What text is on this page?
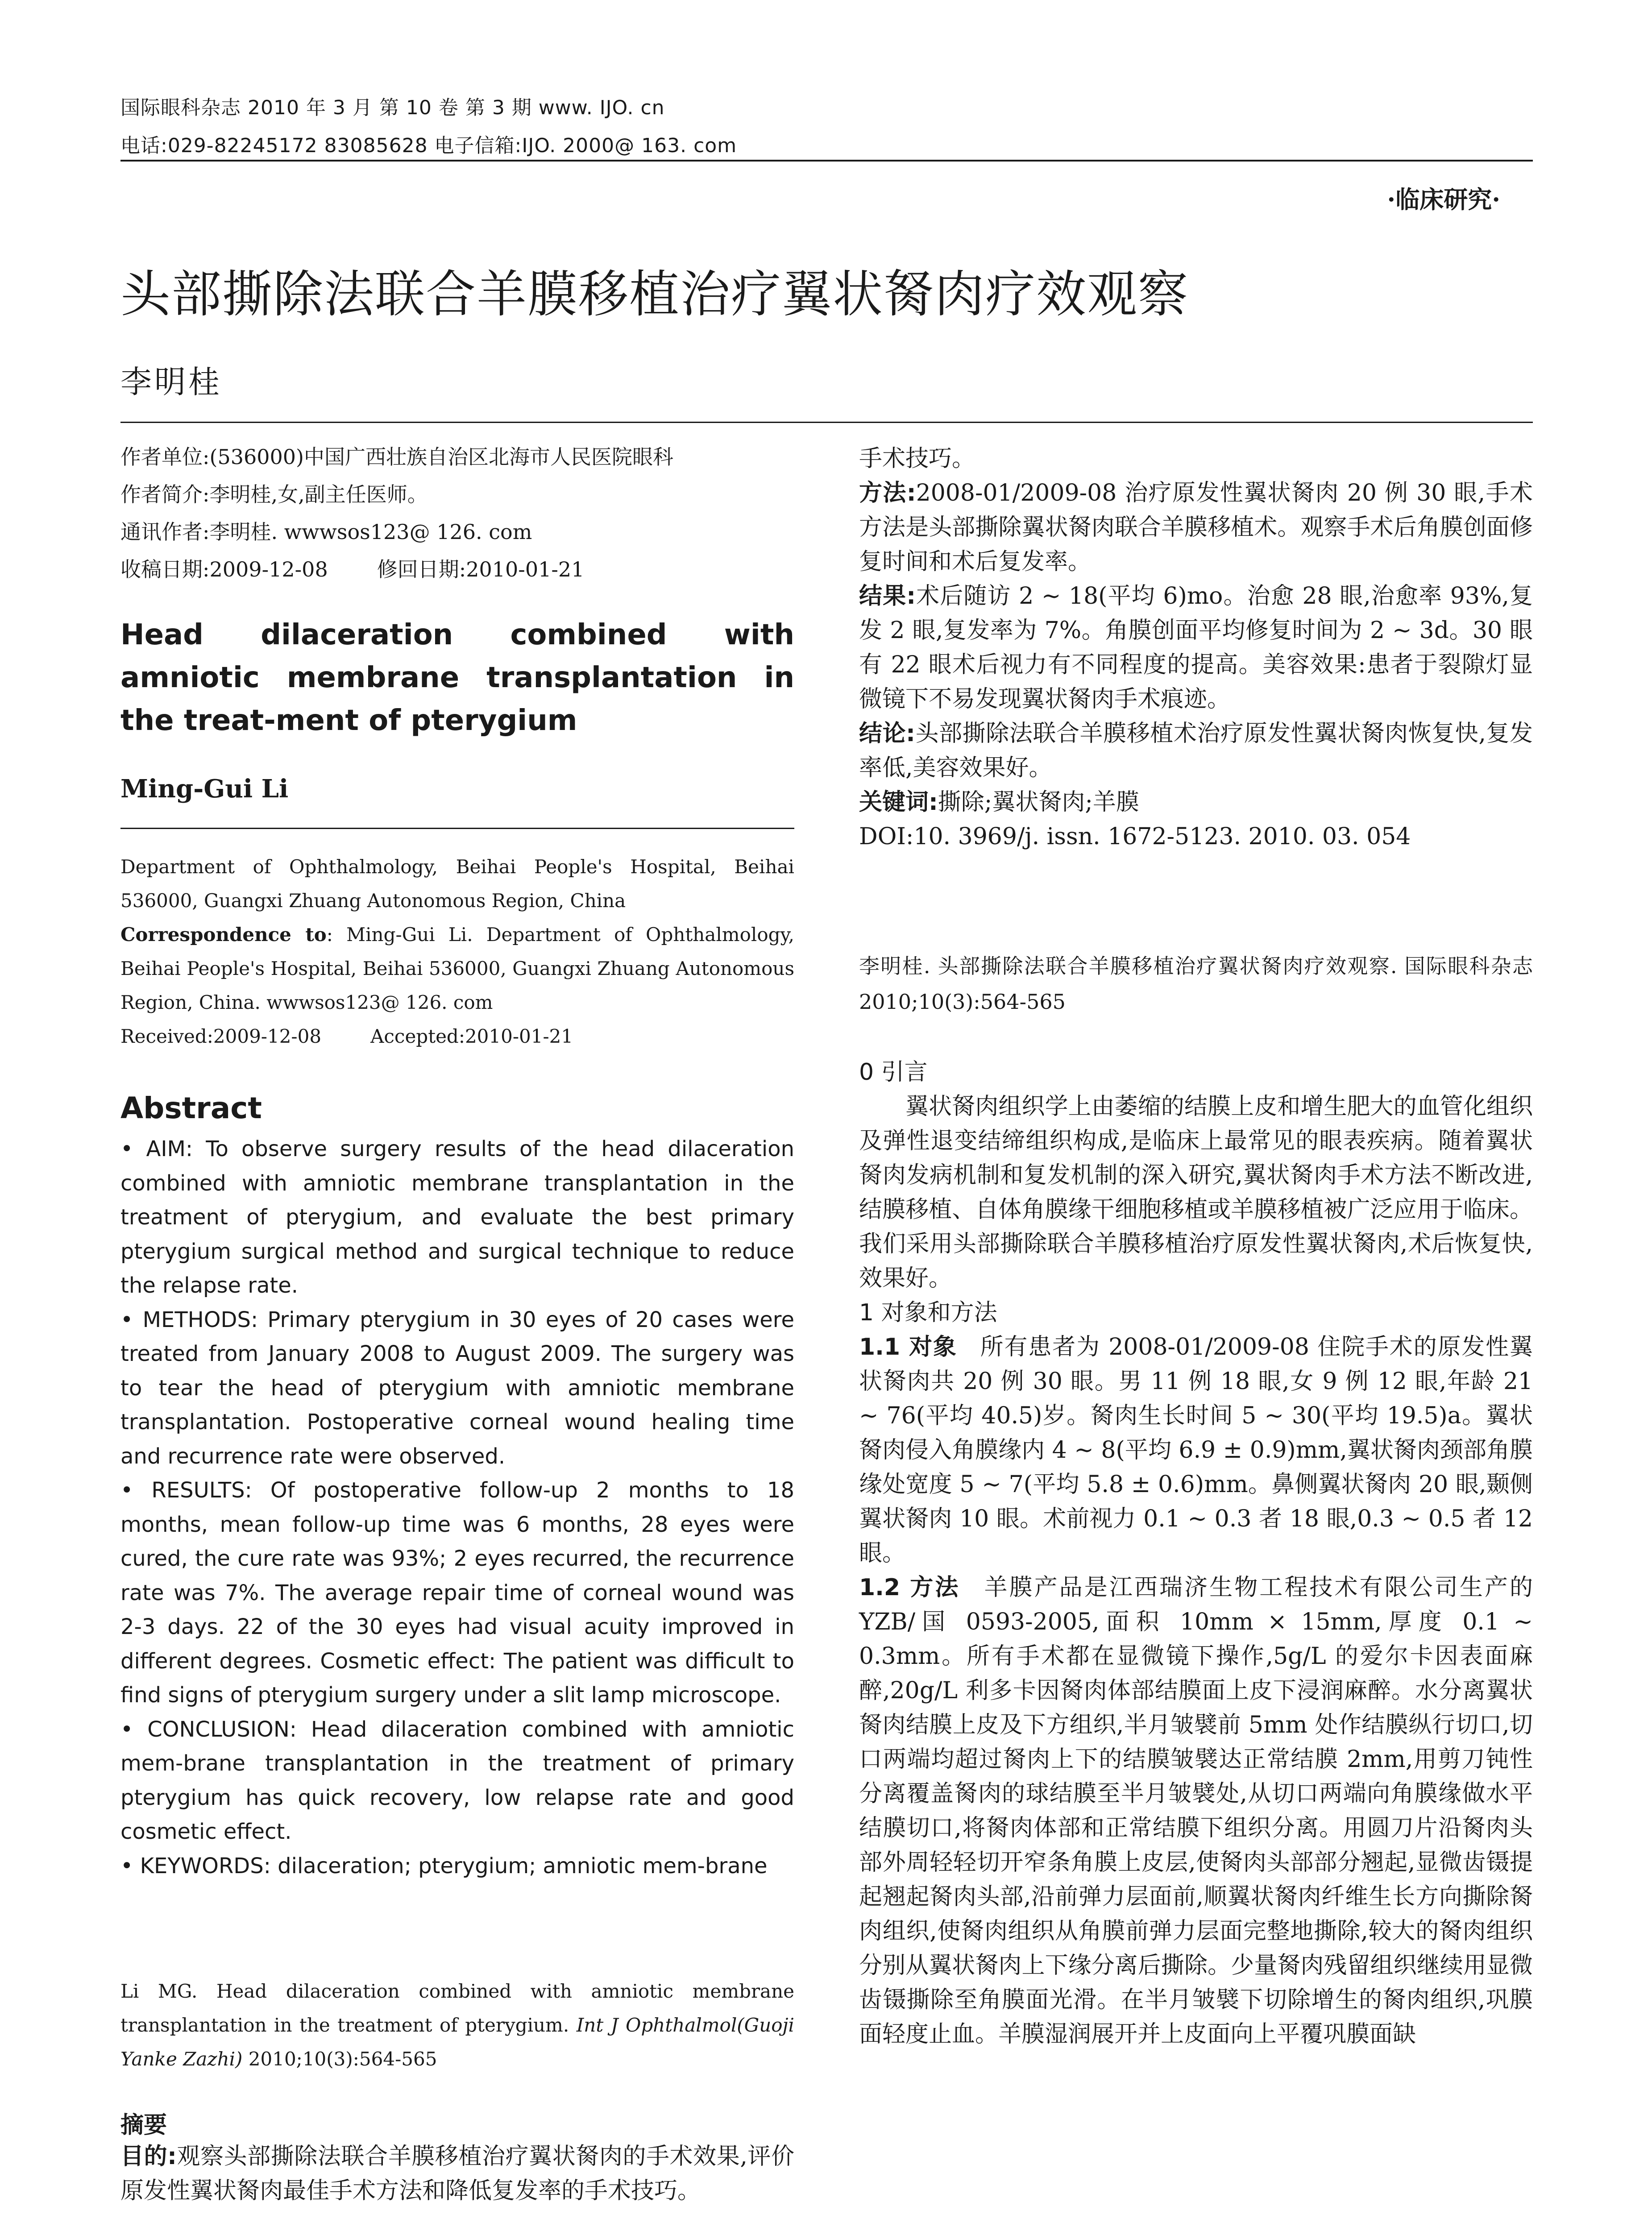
国际眼科杂志 2010 年 3 月 第 10 卷 第 3 期 www. IJO. cn
电话:029-82245172 83085628 电子信箱:IJO. 2000@ 163. com
·临床研究·
头部撕除法联合羊膜移植治疗翼状胬肉疗效观察
李明桂

作者单位:(536000)中国广西壮族自治区北海市人民医院眼科

作者简介:李明桂,女,副主任医师。

通讯作者:李明桂. wwwsos123@ 126. com

收稿日期:2009-12-08 修回日期:2010-01-21

Head dilaceration combined with amniotic membrane transplantation in the treat-ment of pterygium
Ming-Gui Li

Department of Ophthalmology, Beihai People's Hospital, Beihai 536000, Guangxi Zhuang Autonomous Region, China

Correspondence to: Ming-Gui Li. Department of Ophthalmology, Beihai People's Hospital, Beihai 536000, Guangxi Zhuang Autonomous Region, China. wwwsos123@ 126. com

Received:2009-12-08	Accepted:2010-01-21

Abstract

• AIM: To observe surgery results of the head dilaceration combined with amniotic membrane transplantation in the treatment of pterygium, and evaluate the best primary pterygium surgical method and surgical technique to reduce the relapse rate.

• METHODS: Primary pterygium in 30 eyes of 20 cases were treated from January 2008 to August 2009. The surgery was to tear the head of pterygium with amniotic membrane transplantation. Postoperative corneal wound healing time and recurrence rate were observed.

• RESULTS: Of postoperative follow-up 2 months to 18 months, mean follow-up time was 6 months, 28 eyes were cured, the cure rate was 93%; 2 eyes recurred, the recurrence rate was 7%. The average repair time of corneal wound was 2-3 days. 22 of the 30 eyes had visual acuity improved in different degrees. Cosmetic effect: The patient was difficult to find signs of pterygium surgery under a slit lamp microscope.

• CONCLUSION: Head dilaceration combined with amniotic mem-brane transplantation in the treatment of primary pterygium has quick recovery, low relapse rate and good cosmetic effect.

• KEYWORDS: dilaceration; pterygium; amniotic mem-brane

Li MG. Head dilaceration combined with amniotic membrane transplantation in the treatment of pterygium. Int J Ophthalmol(Guoji Yanke Zazhi) 2010;10(3):564-565

摘要

目的:观察头部撕除法联合羊膜移植治疗翼状胬肉的手术效果,评价原发性翼状胬肉最佳手术方法和降低复发率的手术技巧。

手术技巧。

方法:2008-01/2009-08 治疗原发性翼状胬肉 20 例 30 眼,手术方法是头部撕除翼状胬肉联合羊膜移植术。观察手术后角膜创面修复时间和术后复发率。

结果:术后随访 2 ~ 18(平均 6)mo。治愈 28 眼,治愈率 93%,复发 2 眼,复发率为 7%。角膜创面平均修复时间为 2 ~ 3d。30 眼有 22 眼术后视力有不同程度的提高。美容效果:患者于裂隙灯显微镜下不易发现翼状胬肉手术痕迹。

结论:头部撕除法联合羊膜移植术治疗原发性翼状胬肉恢复快,复发率低,美容效果好。

关键词:撕除;翼状胬肉;羊膜

DOI:10. 3969/j. issn. 1672-5123. 2010. 03. 054

李明桂. 头部撕除法联合羊膜移植治疗翼状胬肉疗效观察. 国际眼科杂志 2010;10(3):564-565

0 引言

翼状胬肉组织学上由萎缩的结膜上皮和增生肥大的血管化组织及弹性退变结缔组织构成,是临床上最常见的眼表疾病。随着翼状胬肉发病机制和复发机制的深入研究,翼状胬肉手术方法不断改进,结膜移植、自体角膜缘干细胞移植或羊膜移植被广泛应用于临床。我们采用头部撕除联合羊膜移植治疗原发性翼状胬肉,术后恢复快,效果好。

1 对象和方法

1.1 对象 所有患者为 2008-01/2009-08 住院手术的原发性翼状胬肉共 20 例 30 眼。男 11 例 18 眼,女 9 例 12 眼,年龄 21 ~ 76(平均 40.5)岁。胬肉生长时间 5 ~ 30(平均 19.5)a。翼状胬肉侵入角膜缘内 4 ~ 8(平均 6.9 ± 0.9)mm,翼状胬肉颈部角膜缘处宽度 5 ~ 7(平均 5.8 ± 0.6)mm。鼻侧翼状胬肉 20 眼,颞侧翼状胬肉 10 眼。术前视力 0.1 ~ 0.3 者 18 眼,0.3 ~ 0.5 者 12 眼。

1.2 方法 羊膜产品是江西瑞济生物工程技术有限公司生产的 YZB/国 0593-2005,面积 10mm × 15mm,厚度 0.1 ~ 0.3mm。所有手术都在显微镜下操作,5g/L 的爱尔卡因表面麻醉,20g/L 利多卡因胬肉体部结膜面上皮下浸润麻醉。水分离翼状胬肉结膜上皮及下方组织,半月皱襞前 5mm 处作结膜纵行切口,切口两端均超过胬肉上下的结膜皱襞达正常结膜 2mm,用剪刀钝性分离覆盖胬肉的球结膜至半月皱襞处,从切口两端向角膜缘做水平结膜切口,将胬肉体部和正常结膜下组织分离。用圆刀片沿胬肉头部外周轻轻切开窄条角膜上皮层,使胬肉头部部分翘起,显微齿镊提起翘起胬肉头部,沿前弹力层面前,顺翼状胬肉纤维生长方向撕除胬肉组织,使胬肉组织从角膜前弹力层面完整地撕除,较大的胬肉组织分别从翼状胬肉上下缘分离后撕除。少量胬肉残留组织继续用显微齿镊撕除至角膜面光滑。在半月皱襞下切除增生的胬肉组织,巩膜面轻度止血。羊膜湿润展开并上皮面向上平覆巩膜面缺
